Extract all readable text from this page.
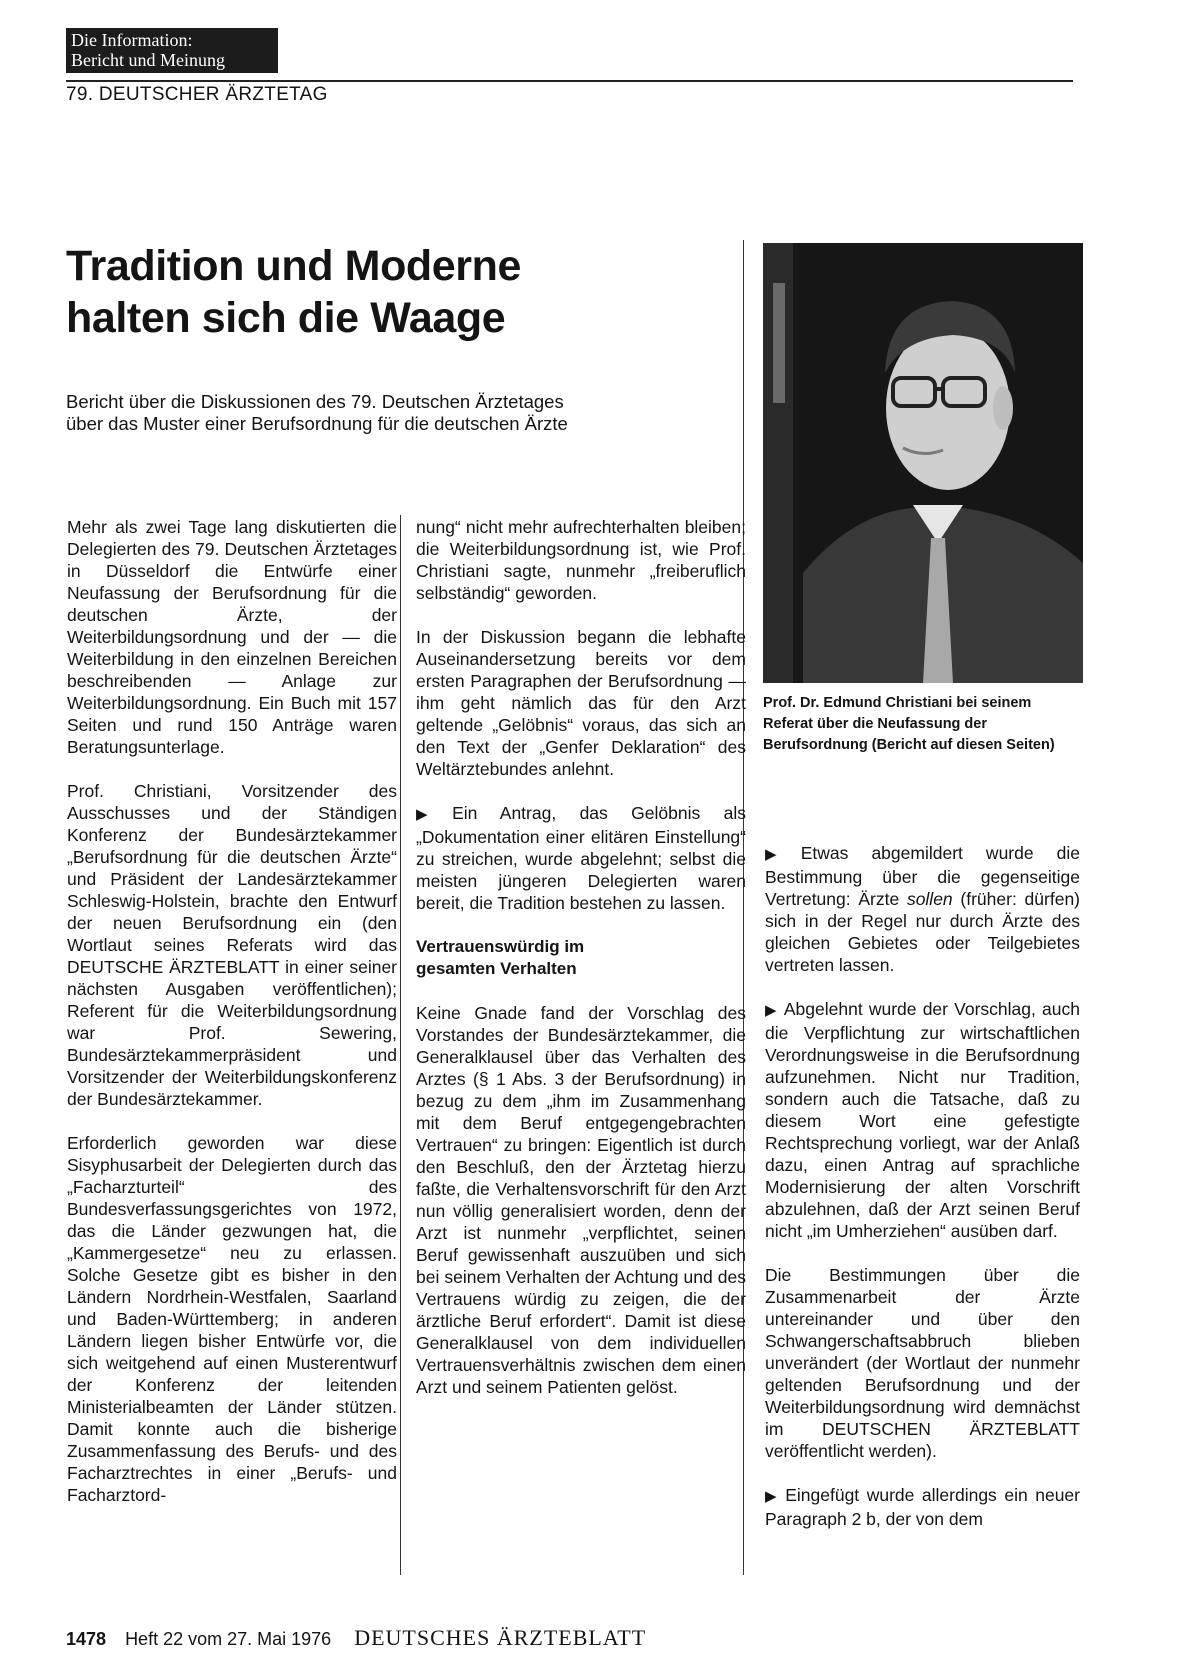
Die Information:
Bericht und Meinung
79. DEUTSCHER ÄRZTETAG
Tradition und Moderne
halten sich die Waage

Bericht über die Diskussionen des 79. Deutschen Ärztetages
über das Muster einer Berufsordnung für die deutschen Ärzte

Mehr als zwei Tage lang diskutierten die Delegierten des 79. Deutschen Ärztetages in Düsseldorf die Entwürfe einer Neufassung der Berufsordnung für die deutschen Ärzte, der Weiterbildungsordnung und der — die Weiterbildung in den einzelnen Bereichen beschreibenden — Anlage zur Weiterbildungsordnung. Ein Buch mit 157 Seiten und rund 150 Anträge waren Beratungsunterlage.

Prof. Christiani, Vorsitzender des Ausschusses und der Ständigen Konferenz der Bundesärztekammer „Berufsordnung für die deutschen Ärzte“ und Präsident der Landesärztekammer Schleswig-Holstein, brachte den Entwurf der neuen Berufsordnung ein (den Wortlaut seines Referats wird das DEUTSCHE ÄRZTEBLATT in einer seiner nächsten Ausgaben veröffentlichen); Referent für die Weiterbildungsordnung war Prof. Sewering, Bundesärztekammerpräsident und Vorsitzender der Weiterbildungskonferenz der Bundesärztekammer.

Erforderlich geworden war diese Sisyphusarbeit der Delegierten durch das „Facharzturteil“ des Bundesverfassungsgerichtes von 1972, das die Länder gezwungen hat, die „Kammergesetze“ neu zu erlassen. Solche Gesetze gibt es bisher in den Ländern Nordrhein-Westfalen, Saarland und Baden-Württemberg; in anderen Ländern liegen bisher Entwürfe vor, die sich weitgehend auf einen Musterentwurf der Konferenz der leitenden Ministerialbeamten der Länder stützen. Damit konnte auch die bisherige Zusammenfassung des Berufs- und des Facharztrechtes in einer „Berufs- und Facharztord-

nung“ nicht mehr aufrechterhalten bleiben; die Weiterbildungsordnung ist, wie Prof. Christiani sagte, nunmehr „freiberuflich selbständig“ geworden.

In der Diskussion begann die lebhafte Auseinandersetzung bereits vor dem ersten Paragraphen der Berufsordnung — ihm geht nämlich das für den Arzt geltende „Gelöbnis“ voraus, das sich an den Text der „Genfer Deklaration“ des Weltärztebundes anlehnt.

▶ Ein Antrag, das Gelöbnis als „Dokumentation einer elitären Einstellung“ zu streichen, wurde abgelehnt; selbst die meisten jüngeren Delegierten waren bereit, die Tradition bestehen zu lassen.

Vertrauenswürdig im
gesamten Verhalten

Keine Gnade fand der Vorschlag des Vorstandes der Bundesärztekammer, die Generalklausel über das Verhalten des Arztes (§ 1 Abs. 3 der Berufsordnung) in bezug zu dem „ihm im Zusammenhang mit dem Beruf entgegengebrachten Vertrauen“ zu bringen: Eigentlich ist durch den Beschluß, den der Ärztetag hierzu faßte, die Verhaltensvorschrift für den Arzt nun völlig generalisiert worden, denn der Arzt ist nunmehr „verpflichtet, seinen Beruf gewissenhaft auszuüben und sich bei seinem Verhalten der Achtung und des Vertrauens würdig zu zeigen, die der ärztliche Beruf erfordert“. Damit ist diese Generalklausel von dem individuellen Vertrauensverhältnis zwischen dem einen Arzt und seinem Patienten gelöst.

Prof. Dr. Edmund Christiani bei seinem Referat über die Neufassung der Berufsordnung (Bericht auf diesen Seiten)

▶ Etwas abgemildert wurde die Bestimmung über die gegenseitige Vertretung: Ärzte sollen (früher: dürfen) sich in der Regel nur durch Ärzte des gleichen Gebietes oder Teilgebietes vertreten lassen.

▶ Abgelehnt wurde der Vorschlag, auch die Verpflichtung zur wirtschaftlichen Verordnungsweise in die Berufsordnung aufzunehmen. Nicht nur Tradition, sondern auch die Tatsache, daß zu diesem Wort eine gefestigte Rechtsprechung vorliegt, war der Anlaß dazu, einen Antrag auf sprachliche Modernisierung der alten Vorschrift abzulehnen, daß der Arzt seinen Beruf nicht „im Umherziehen“ ausüben darf.

Die Bestimmungen über die Zusammenarbeit der Ärzte untereinander und über den Schwangerschaftsabbruch blieben unverändert (der Wortlaut der nunmehr geltenden Berufsordnung und der Weiterbildungsordnung wird demnächst im DEUTSCHEN ÄRZTEBLATT veröffentlicht werden).

▶ Eingefügt wurde allerdings ein neuer Paragraph 2 b, der von dem

1478 Heft 22 vom 27. Mai 1976 DEUTSCHES ÄRZTEBLATT
